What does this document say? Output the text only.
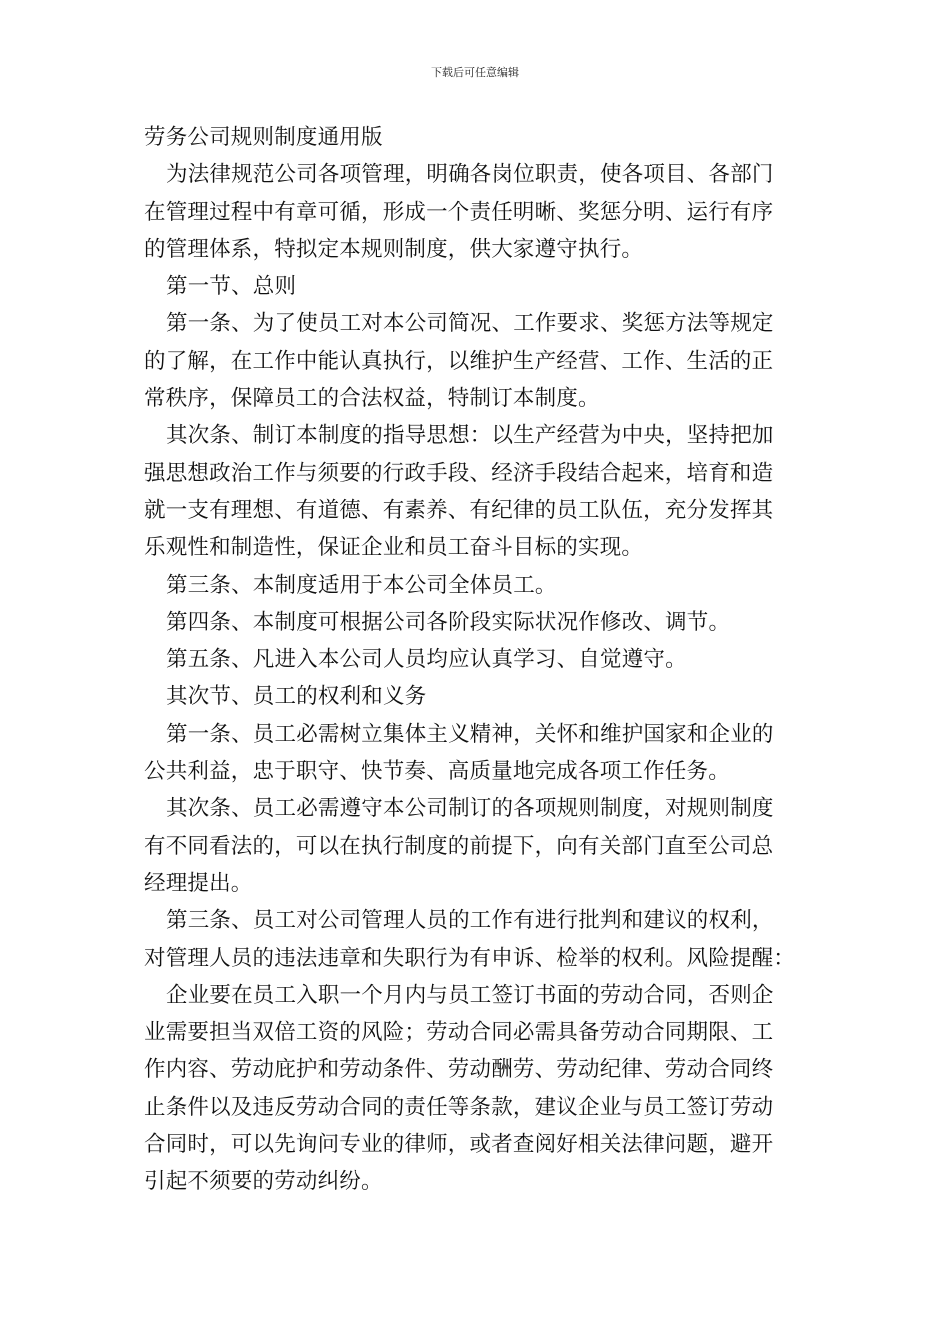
下载后可任意编辑
劳务公司规则制度通用版
为法律规范公司各项管理，明确各岗位职责，使各项目、各部门
在管理过程中有章可循，形成一个责任明晰、奖惩分明、运行有序
的管理体系，特拟定本规则制度，供大家遵守执行。
第一节、总则
第一条、为了使员工对本公司简况、工作要求、奖惩方法等规定
的了解，在工作中能认真执行，以维护生产经营、工作、生活的正
常秩序，保障员工的合法权益，特制订本制度。
其次条、制订本制度的指导思想：以生产经营为中央，坚持把加
强思想政治工作与须要的行政手段、经济手段结合起来，培育和造
就一支有理想、有道德、有素养、有纪律的员工队伍，充分发挥其
乐观性和制造性，保证企业和员工奋斗目标的实现。
第三条、本制度适用于本公司全体员工。
第四条、本制度可根据公司各阶段实际状况作修改、调节。
第五条、凡进入本公司人员均应认真学习、自觉遵守。
其次节、员工的权利和义务
第一条、员工必需树立集体主义精神，关怀和维护国家和企业的
公共利益，忠于职守、快节奏、高质量地完成各项工作任务。
其次条、员工必需遵守本公司制订的各项规则制度，对规则制度
有不同看法的，可以在执行制度的前提下，向有关部门直至公司总
经理提出。
第三条、员工对公司管理人员的工作有进行批判和建议的权利，
对管理人员的违法违章和失职行为有申诉、检举的权利。风险提醒：
企业要在员工入职一个月内与员工签订书面的劳动合同，否则企
业需要担当双倍工资的风险；劳动合同必需具备劳动合同期限、工
作内容、劳动庇护和劳动条件、劳动酬劳、劳动纪律、劳动合同终
止条件以及违反劳动合同的责任等条款，建议企业与员工签订劳动
合同时，可以先询问专业的律师，或者查阅好相关法律问题，避开
引起不须要的劳动纠纷。
